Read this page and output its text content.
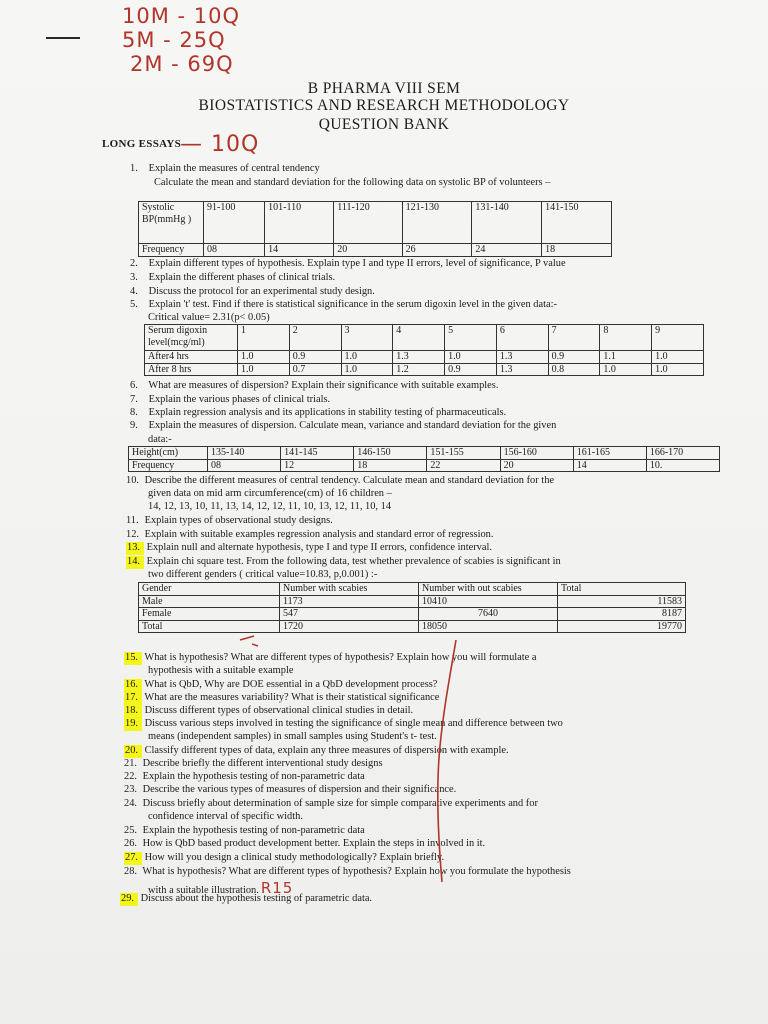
10M - 10Q
5M - 25Q
2M - 69Q
B PHARMA VIII SEM
BIOSTATISTICS AND RESEARCH METHODOLOGY
QUESTION BANK
LONG ESSAYS
— 10Q
1. Explain the measures of central tendency
Calculate the mean and standard deviation for the following data on systolic BP of volunteers –
Systolic BP(mmHg )	91-100	101-110	111-120	121-130	131-140	141-150
Frequency	08	14	20	26	24	18
2. Explain different types of hypothesis. Explain type I and type II errors, level of significance, P value
3. Explain the different phases of clinical trials.
4. Discuss the protocol for an experimental study design.
5. Explain 't' test. Find if there is statistical significance in the serum digoxin level in the given data:-
Critical value= 2.31(p< 0.05)
Serum digoxin level(mcg/ml)	1	2	3	4	5	6	7	8	9
After4 hrs	1.0	0.9	1.0	1.3	1.0	1.3	0.9	1.1	1.0
After 8 hrs	1.0	0.7	1.0	1.2	0.9	1.3	0.8	1.0	1.0
6. What are measures of dispersion? Explain their significance with suitable examples.
7. Explain the various phases of clinical trials.
8. Explain regression analysis and its applications in stability testing of pharmaceuticals.
9. Explain the measures of dispersion. Calculate mean, variance and standard deviation for the given
data:-
Height(cm)	135-140	141-145	146-150	151-155	156-160	161-165	166-170
Frequency	08	12	18	22	20	14	10.
10. Describe the different measures of central tendency. Calculate mean and standard deviation for the
given data on mid arm circumference(cm) of 16 children –
14, 12, 13, 10, 11, 13, 14, 12, 12, 11, 10, 13, 12, 11, 10, 14
11. Explain types of observational study designs.
12. Explain with suitable examples regression analysis and standard error of regression.
13. Explain null and alternate hypothesis, type I and type II errors, confidence interval.
14. Explain chi square test. From the following data, test whether prevalence of scabies is significant in
two different genders ( critical value=10.83, p,0.001) :-
Gender	Number with scabies	Number with out scabies	Total
Male	1173	10410	11583
Female	547	7640	8187
Total	1720	18050	19770
15. What is hypothesis? What are different types of hypothesis? Explain how you will formulate a
hypothesis with a suitable example
16. What is QbD, Why are DOE essential in a QbD development process?
17. What are the measures variability? What is their statistical significance
18. Discuss different types of observational clinical studies in detail.
19. Discuss various steps involved in testing the significance of single mean and difference between two
means (independent samples) in small samples using Student's t- test.
20. Classify different types of data, explain any three measures of dispersion with example.
21. Describe briefly the different interventional study designs
22. Explain the hypothesis testing of non-parametric data
23. Describe the various types of measures of dispersion and their significance.
24. Discuss briefly about determination of sample size for simple comparative experiments and for
confidence interval of specific width.
25. Explain the hypothesis testing of non-parametric data
26. How is QbD based product development better. Explain the steps in involved in it.
27. How will you design a clinical study methodologically? Explain briefly.
28. What is hypothesis? What are different types of hypothesis? Explain how you formulate the hypothesis
with a suitable illustration. R15
29. Discuss about the hypothesis testing of parametric data.
